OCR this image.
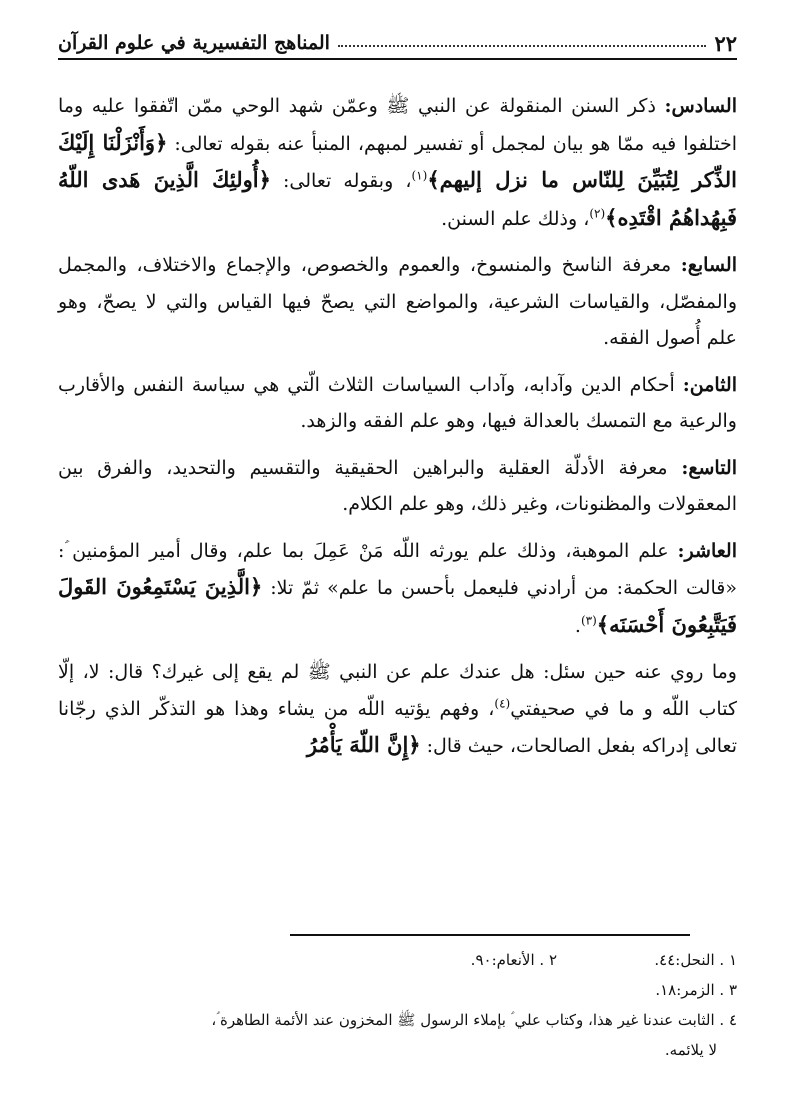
٢٢
المناهج التفسيرية في علوم القرآن

السادس: ذكر السنن المنقولة عن النبي ﷺ وعمّن شهد الوحي ممّن اتّفقوا عليه وما اختلفوا فيه ممّا هو بيان لمجمل أو تفسير لمبهم، المنبأ عنه بقوله تعالى: ﴿وَأَنْزَلْنَا إِلَيْكَ الذِّكر لِتُبَيِّنَ لِلنّاس ما نزل إليهم﴾$^{(١)}$، وبقوله تعالى: ﴿أُولئِكَ الَّذِينَ هَدى اللّهُ فَبِهُداهُمُ اقْتَدِه﴾$^{(٢)}$، وذلك علم السنن.

السابع: معرفة الناسخ والمنسوخ، والعموم والخصوص، والإجماع والاختلاف، والمجمل والمفصّل، والقياسات الشرعية، والمواضع التي يصحّ فيها القياس والتي لا يصحّ، وهو علم أُصول الفقه.

الثامن: أحكام الدين وآدابه، وآداب السياسات الثلاث الّتي هي سياسة النفس والأقارب والرعية مع التمسك بالعدالة فيها، وهو علم الفقه والزهد.

التاسع: معرفة الأدلّة العقلية والبراهين الحقيقية والتقسيم والتحديد، والفرق بين المعقولات والمظنونات، وغير ذلك، وهو علم الكلام.

العاشر: علم الموهبة، وذلك علم يورثه اللّه مَنْ عَمِلَ بما علم، وقال أمير المؤمنين ؑ: «قالت الحكمة: من أرادني فليعمل بأحسن ما علم» ثمّ تلا: ﴿الَّذِينَ يَسْتَمِعُونَ القَولَ فَيَتَّبِعُونَ أَحْسَنَه﴾$^{(٣)}$.

وما روي عنه حين سئل: هل عندك علم عن النبي ﷺ لم يقع إلى غيرك؟ قال: لا، إلّا كتاب اللّه و ما في صحيفتي$^{(٤)}$، وفهم يؤتيه اللّه من يشاء وهذا هو التذكّر الذي رجّانا تعالى إدراكه بفعل الصالحات، حيث قال: ﴿إِنَّ اللّهَ يَأْمُرُ

١ . النحل:٤٤.
٢ . الأنعام:٩٠.
٣ . الزمر:١٨.
٤ . الثابت عندنا غير هذا، وكتاب علي ؑ بإملاء الرسول ﷺ المخزون عند الأئمة الطاهرة ؑ،
لا يلائمه.
